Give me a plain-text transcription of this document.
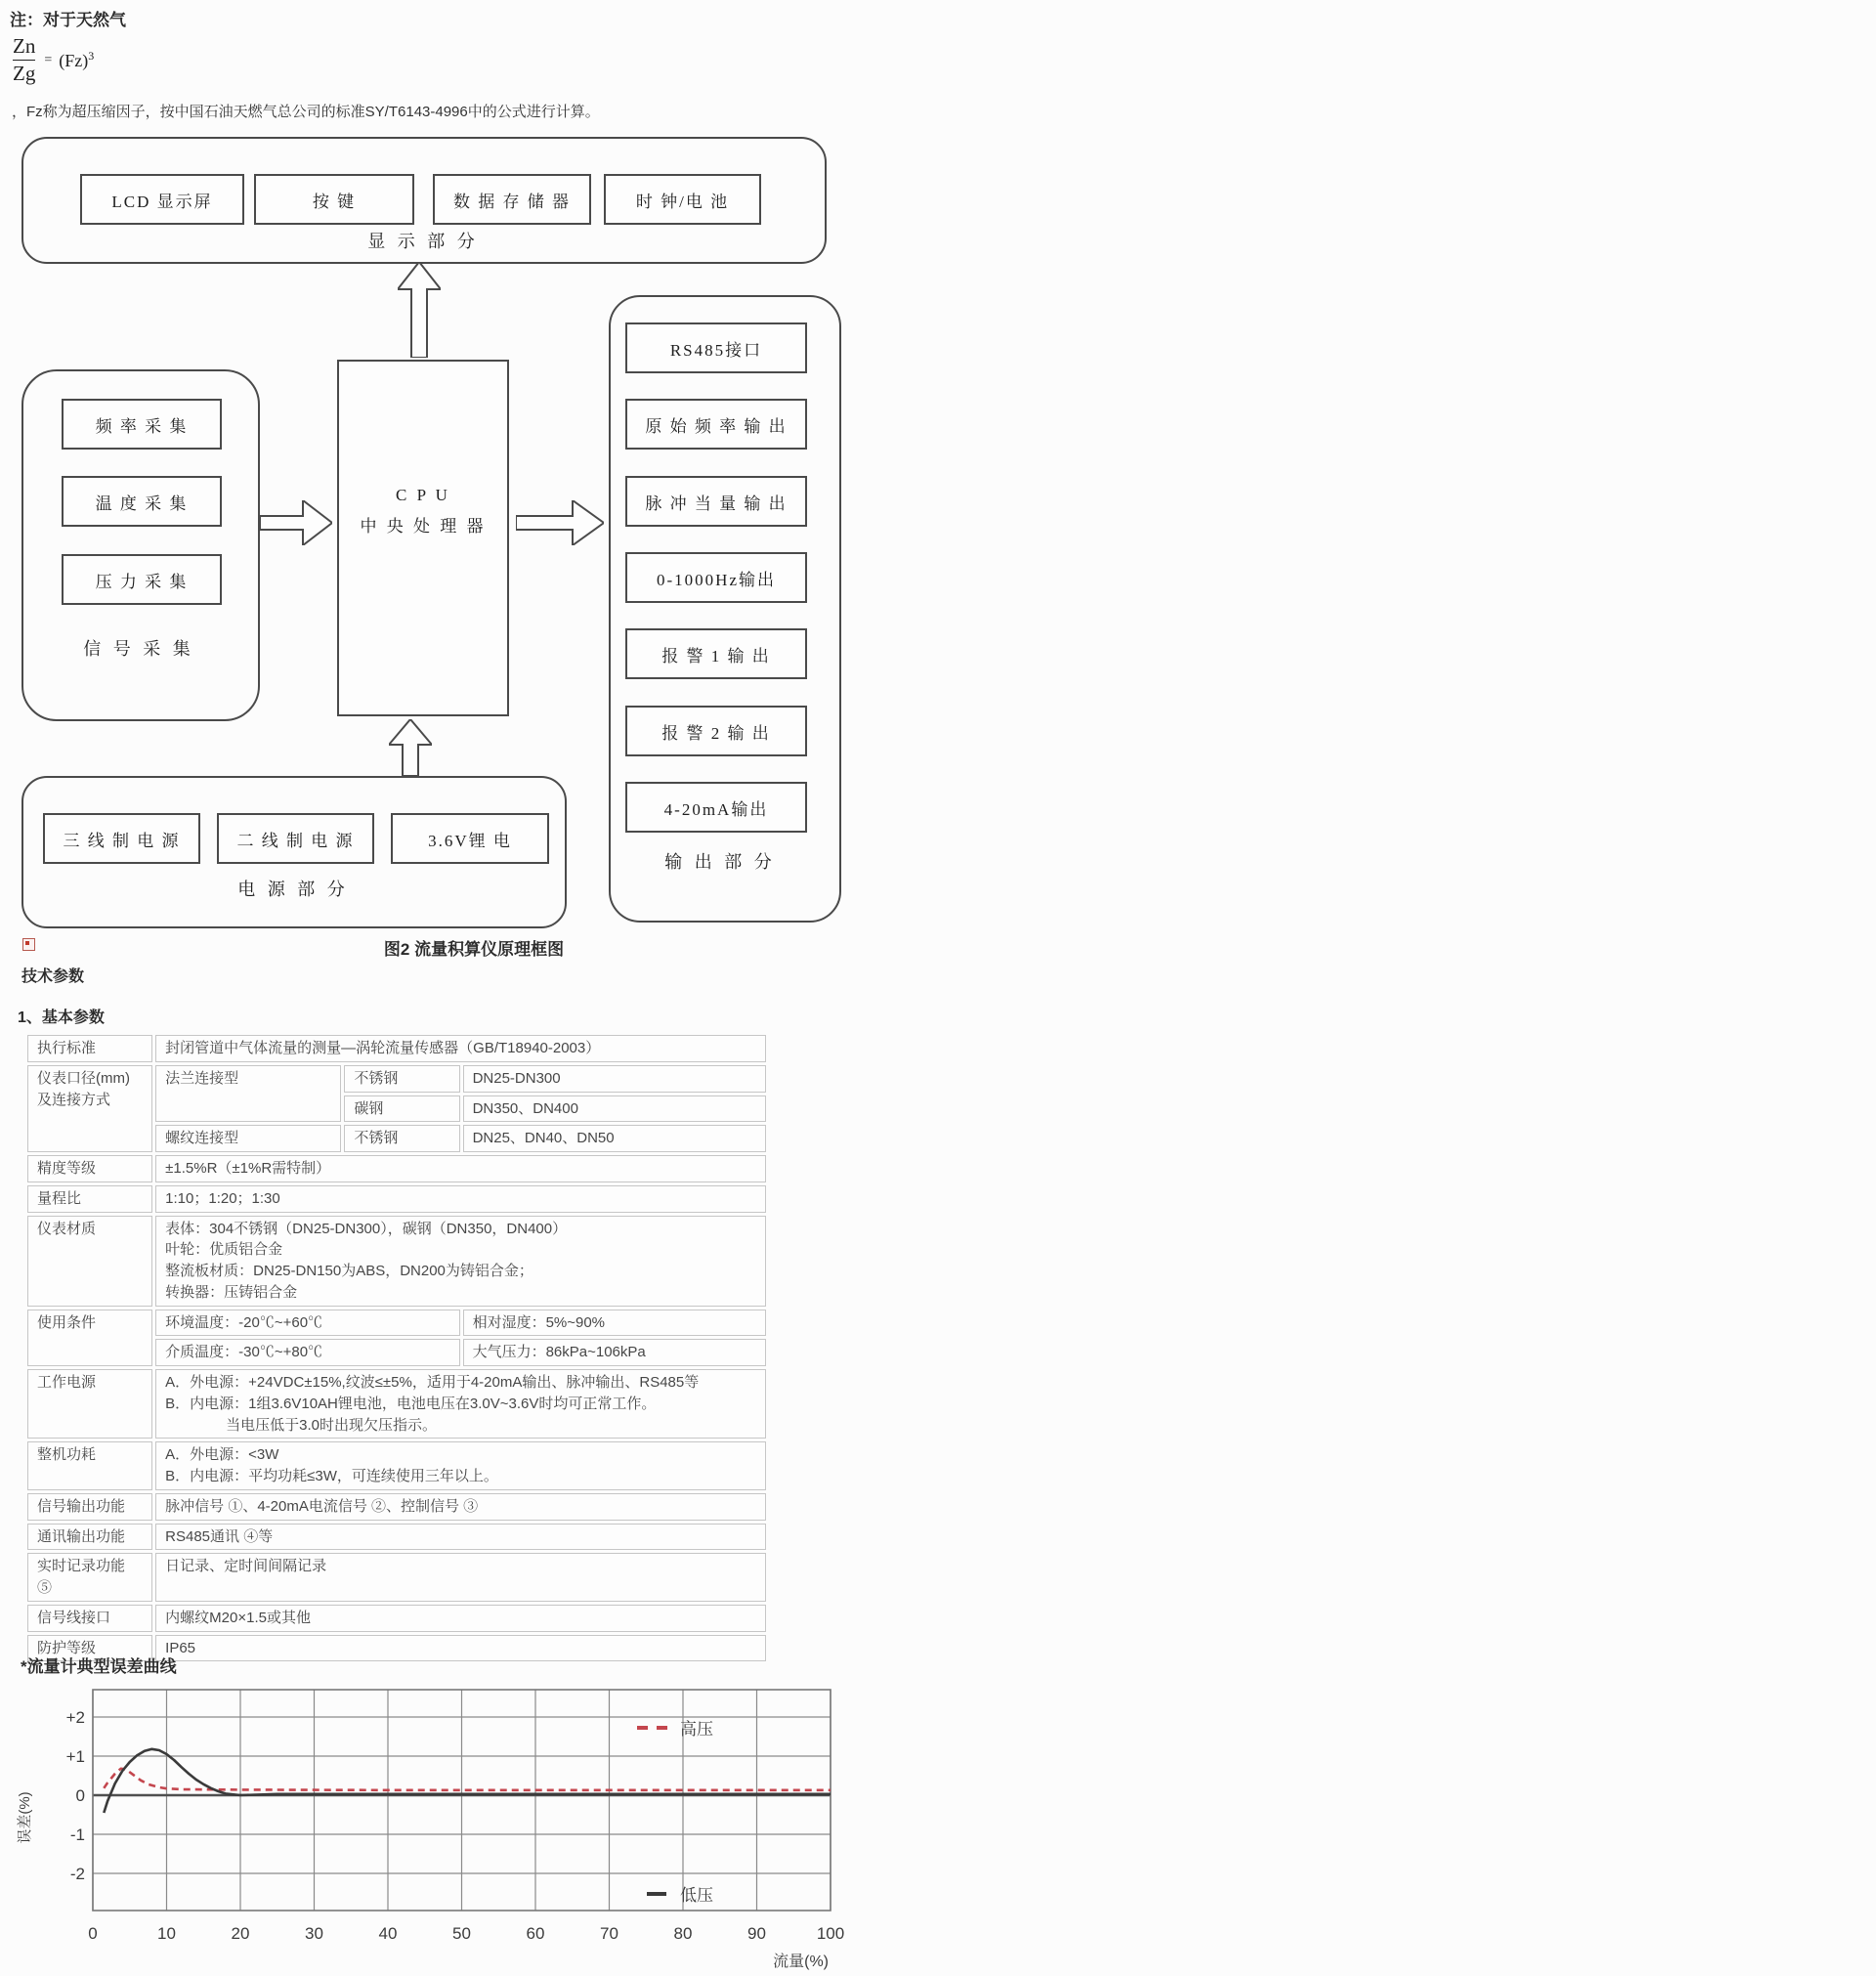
注：对于天然气
$\frac{Zn}{Zg} = (Fz)^3$
，Fz称为超压缩因子，按中国石油天燃气总公司的标准SY/T6143-4996中的公式进行计算。
LCD 显示屏	按 键	数 据 存 储 器	时 钟/电 池
显 示 部 分
频 率 采 集
温 度 采 集
压 力 采 集
信 号 采 集
C P U
中 央 处 理 器
RS485接口
原 始 频 率 输 出
脉 冲 当 量 输 出
0-1000Hz输出
报 警 1 输 出
报 警 2 输 出
4-20mA输出
输 出 部 分
三 线 制 电 源	二 线 制 电 源	3.6V锂 电
电 源 部 分
图2 流量积算仪原理框图
技术参数
1、基本参数
执行标准	封闭管道中气体流量的测量—涡轮流量传感器（GB/T18940-2003）		

仪表口径(mm)
及连接方式	法兰连接型	不锈钢	DN25-DN300
		碳钢	DN350、DN400
	螺纹连接型	不锈钢	DN25、DN40、DN50
精度等级	±1.5%R（±1%R需特制）		
量程比	1:10；1:20；1:30		
仪表材质	表体：304不锈钢（DN25-DN300），碳钢（DN350，DN400）
叶轮：优质铝合金
整流板材质：DN25-DN150为ABS，DN200为铸铝合金；
转换器：压铸铝合金		

使用条件	环境温度：-20℃~+60℃		相对湿度：5%~90%
	介质温度：-30℃~+80℃		大气压力：86kPa~106kPa
工作电源	A．外电源：+24VDC±15%,纹波≤±5%，适用于4-20mA输出、脉冲输出、RS485等
B．内电源：1组3.6V10AH锂电池，电池电压在3.0V~3.6V时均可正常工作。
当电压低于3.0时出现欠压指示。		

整机功耗	A．外电源：<3W
B．内电源：平均功耗≤3W，可连续使用三年以上。		

信号输出功能	脉冲信号 ①、4-20mA电流信号 ②、控制信号 ③		
通讯输出功能	RS485通讯 ④等		
实时记录功能 ⑤	日记录、定时间间隔记录		
信号线接口	内螺纹M20×1.5或其他		
防护等级	IP65		
*流量计典型误差曲线
0	10	20	30	40	50	60	70	80	90	100
+2
+1
0
-1
-2
高压
低压
误差(%)
流量(%)
